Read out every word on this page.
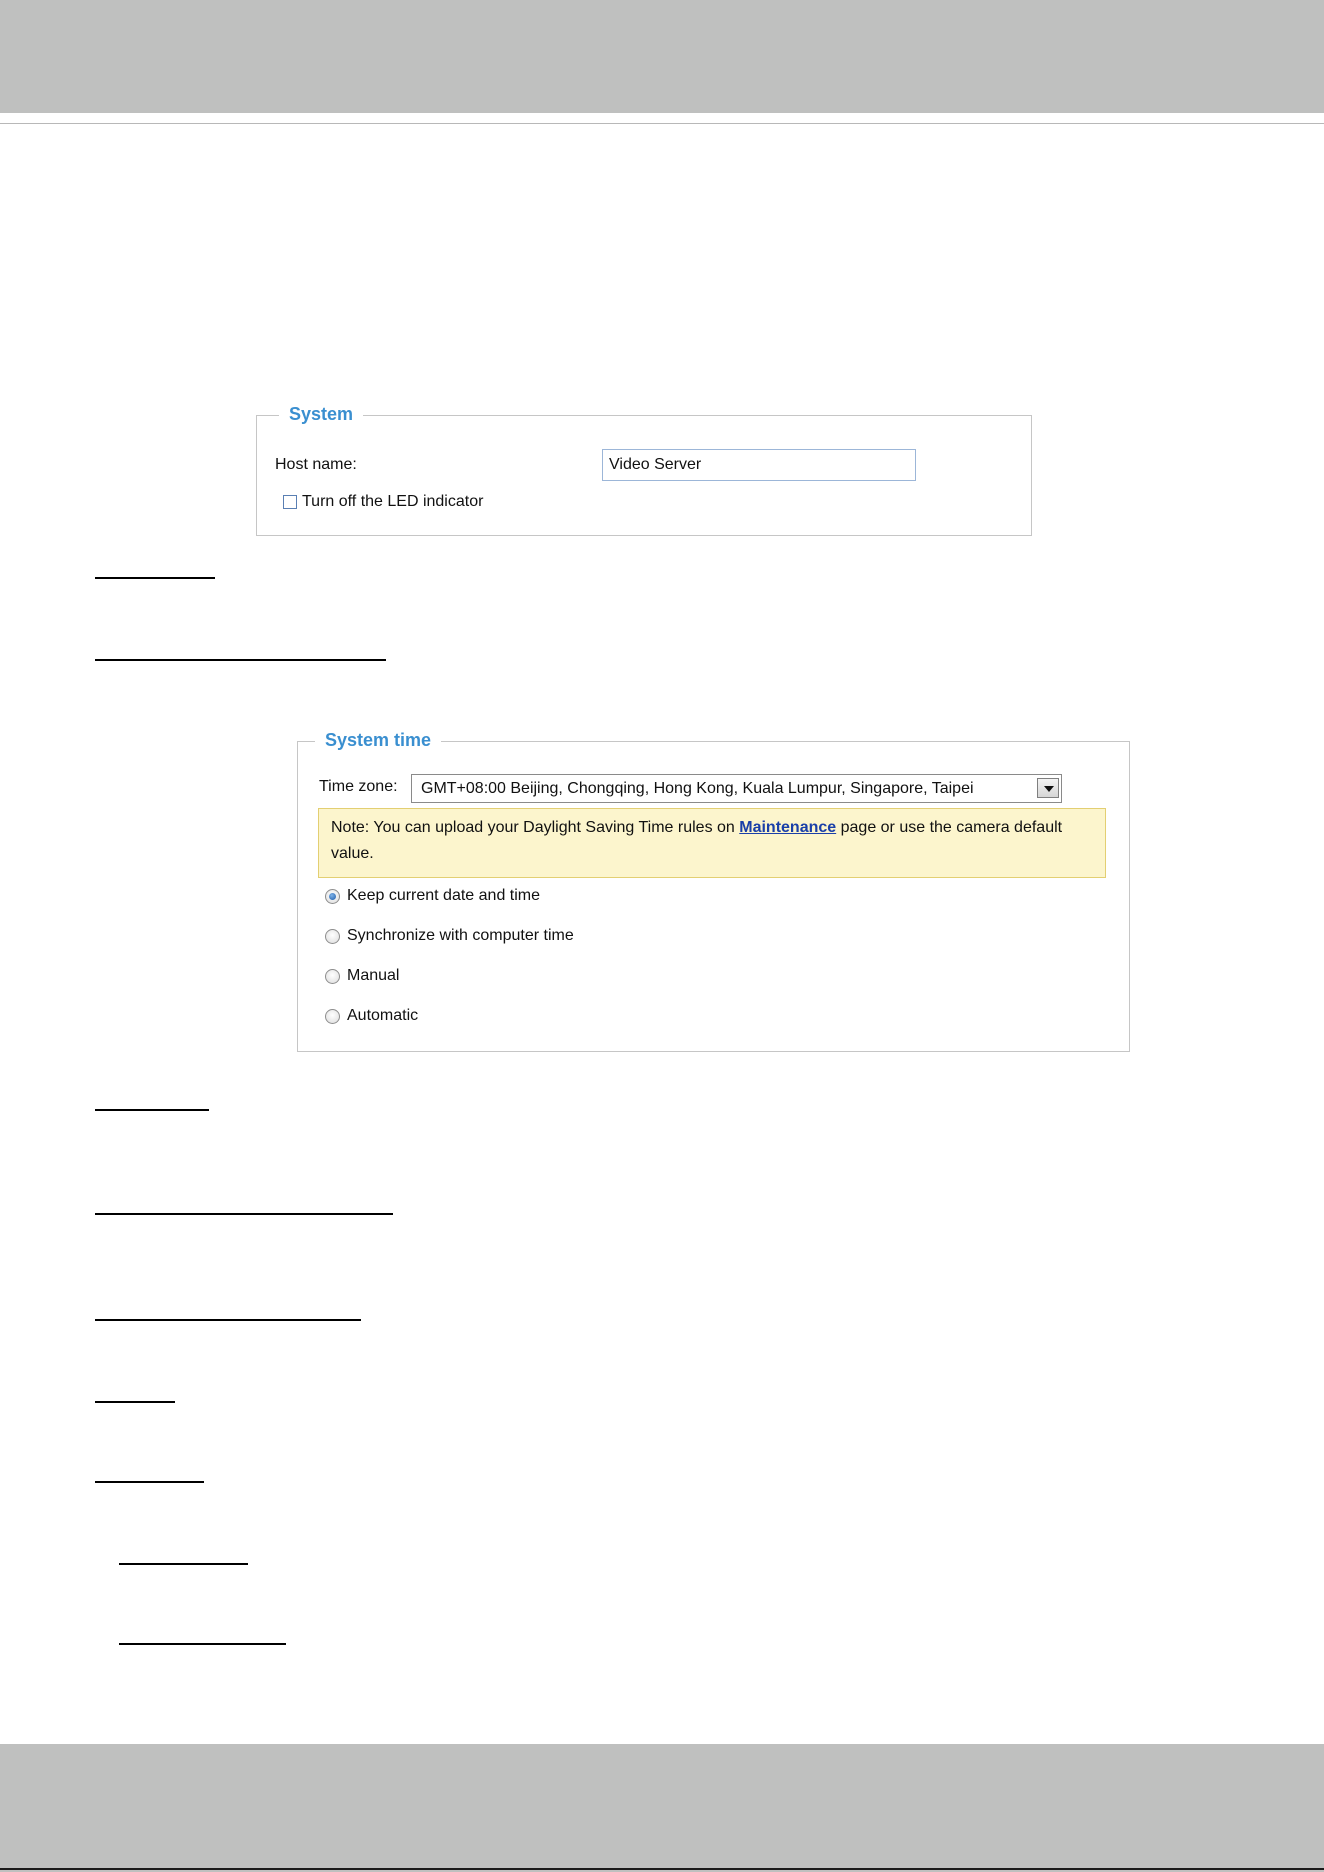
System
Host name:
Video Server
Turn off the LED indicator
System time
Time zone: GMT+08:00 Beijing, Chongqing, Hong Kong, Kuala Lumpur, Singapore, Taipei
Note: You can upload your Daylight Saving Time rules on Maintenance page or use the camera default value.
Keep current date and time
Synchronize with computer time
Manual
Automatic
